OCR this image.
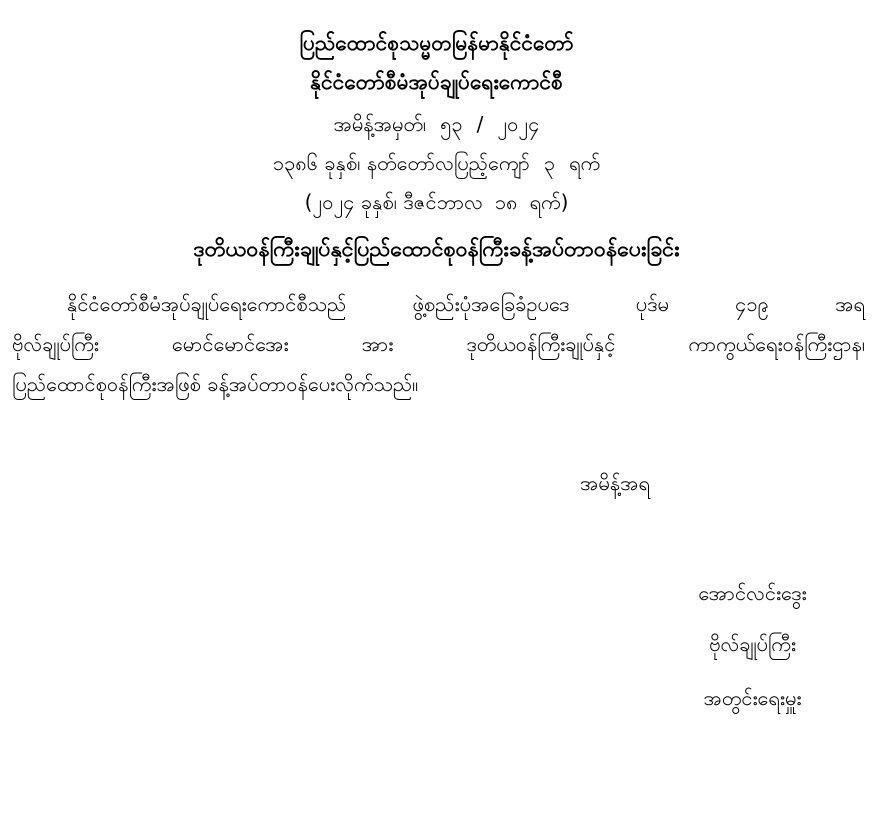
ပြည်ထောင်စုသမ္မတမြန်မာနိုင်ငံတော်
နိုင်ငံတော်စီမံအုပ်ချုပ်ရေးကောင်စီ
အမိန့်အမှတ်၊ ၅၃ / ၂၀၂၄
၁၃၈၆ ခုနှစ်၊ နတ်တော်လပြည့်ကျော် ၃ ရက်
(၂၀၂၄ ခုနှစ်၊ ဒီဇင်ဘာလ ၁၈ ရက်)
ဒုတိယဝန်ကြီးချုပ်နှင့်ပြည်ထောင်စုဝန်ကြီးခန့်အပ်တာဝန်ပေးခြင်း
နိုင်ငံတော်စီမံအုပ်ချုပ်ရေးကောင်စီသည်	ဖွဲ့စည်းပုံအခြေခံဥပဒေ	ပုဒ်မ	၄၁၉	အရ
ဗိုလ်ချုပ်ကြီး	မောင်မောင်အေး	အား	ဒုတိယဝန်ကြီးချုပ်နှင့်	ကာကွယ်ရေးဝန်ကြီးဌာန၊
ပြည်ထောင်စုဝန်ကြီးအဖြစ် ခန့်အပ်တာဝန်ပေးလိုက်သည်။
အမိန့်အရ
အောင်လင်းဒွေး
ဗိုလ်ချုပ်ကြီး
အတွင်းရေးမှူး
